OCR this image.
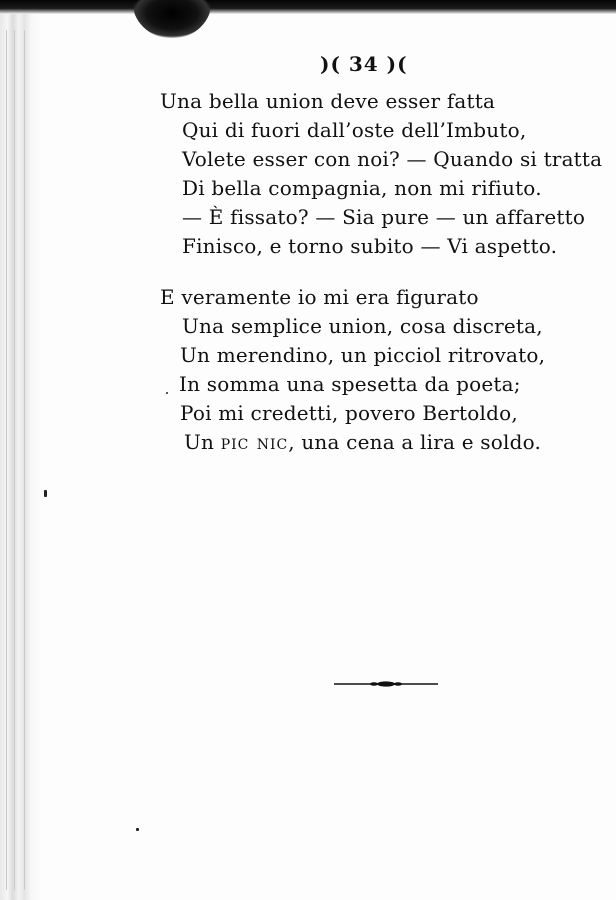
)( 34 )(
Una bella union deve esser fatta
Qui di fuori dall’oste dell’Imbuto,
Volete esser con noi? — Quando si tratta
Di bella compagnia, non mi rifiuto.
— È fissato? — Sia pure — un affaretto
Finisco, e torno subito — Vi aspetto.
E veramente io mi era figurato
Una semplice union, cosa discreta,
Un merendino, un picciol ritrovato,
In somma una spesetta da poeta;
Poi mi credetti, povero Bertoldo,
Un pic nic, una cena a lira e soldo.
